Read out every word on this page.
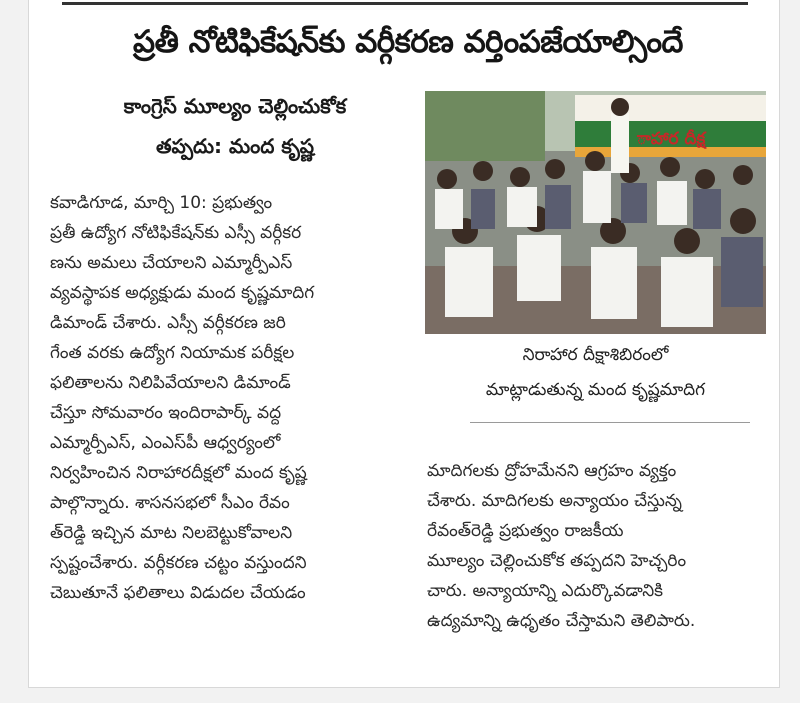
ప్రతీ నోటిఫికేషన్‌కు వర్గీకరణ వర్తింపజేయాల్సిందే
కాంగ్రెస్ మూల్యం చెల్లించుకోక
తప్పదు: మంద కృష్ణ
కవాడిగూడ, మార్చి 10: ప్రభుత్వం
ప్రతీ ఉద్యోగ నోటిఫికేషన్‌కు ఎస్సీ వర్గీకర
ణను అమలు చేయాలని ఎమ్మార్పీఎస్
వ్యవస్థాపక అధ్యక్షుడు మంద కృష్ణమాదిగ
డిమాండ్ చేశారు. ఎస్సీ వర్గీకరణ జరి
గేంత వరకు ఉద్యోగ నియామక పరీక్షల
ఫలితాలను నిలిపివేయాలని డిమాండ్
చేస్తూ సోమవారం ఇందిరాపార్క్ వద్ద
ఎమ్మార్పీఎస్, ఎంఎస్‌పీ ఆధ్వర్యంలో
నిర్వహించిన నిరాహారదీక్షలో మంద కృష్ణ
పాల్గొన్నారు. శాసనసభలో సీఎం రేవం
త్‌రెడ్డి ఇచ్చిన మాట నిలబెట్టుకోవాలని
స్పష్టంచేశారు. వర్గీకరణ చట్టం వస్తుందని
చెబుతూనే ఫలితాలు విడుదల చేయడం
ాహార దీక్ష
నిరాహార దీక్షాశిబిరంలో
మాట్లాడుతున్న మంద కృష్ణమాదిగ
మాదిగలకు ద్రోహమేనని ఆగ్రహం వ్యక్తం
చేశారు. మాదిగలకు అన్యాయం చేస్తున్న
రేవంత్‌రెడ్డి ప్రభుత్వం రాజకీయ
మూల్యం చెల్లించుకోక తప్పదని హెచ్చరిం
చారు. అన్యాయాన్ని ఎదుర్కొవడానికి
ఉద్యమాన్ని ఉధృతం చేస్తామని తెలిపారు.
